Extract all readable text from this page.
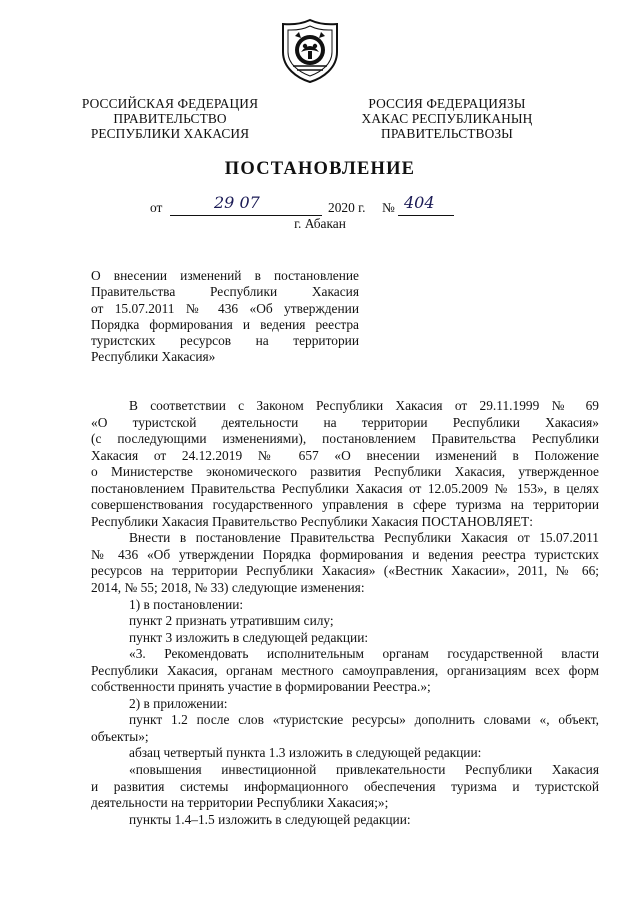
РОССИЙСКАЯ ФЕДЕРАЦИЯ
ПРАВИТЕЛЬСТВО
РЕСПУБЛИКИ ХАКАСИЯ
РОССИЯ ФЕДЕРАЦИЯЗЫ
ХАКАС РЕСПУБЛИКАНЫҢ
ПРАВИТЕЛЬСТВОЗЫ
ПОСТАНОВЛЕНИЕ
от	29 07	2020 г. № 404
г. Абакан
О внесении изменений в постановление
Правительства Республики Хакасия
от 15.07.2011 № 436 «Об утверждении
Порядка формирования и ведения реестра
туристских ресурсов на территории
Республики Хакасия»
В соответствии с Законом Республики Хакасия от 29.11.1999 № 69
«О туристской деятельности на территории Республики Хакасия»
(с последующими изменениями), постановлением Правительства Республики
Хакасия от 24.12.2019 № 657 «О внесении изменений в Положение
о Министерстве экономического развития Республики Хакасия, утвержденное
постановлением Правительства Республики Хакасия от 12.05.2009 № 153», в целях
совершенствования государственного управления в сфере туризма на территории
Республики Хакасия Правительство Республики Хакасия ПОСТАНОВЛЯЕТ:
Внести в постановление Правительства Республики Хакасия от 15.07.2011
№ 436 «Об утверждении Порядка формирования и ведения реестра туристских
ресурсов на территории Республики Хакасия» («Вестник Хакасии», 2011, № 66;
2014, № 55; 2018, № 33) следующие изменения:
1) в постановлении:
пункт 2 признать утратившим силу;
пункт 3 изложить в следующей редакции:
«3. Рекомендовать исполнительным органам государственной власти
Республики Хакасия, органам местного самоуправления, организациям всех форм
собственности принять участие в формировании Реестра.»;
2) в приложении:
пункт 1.2 после слов «туристские ресурсы» дополнить словами «, объект,
объекты»;
абзац четвертый пункта 1.3 изложить в следующей редакции:
«повышения инвестиционной привлекательности Республики Хакасия
и развития системы информационного обеспечения туризма и туристской
деятельности на территории Республики Хакасия;»;
пункты 1.4–1.5 изложить в следующей редакции:
